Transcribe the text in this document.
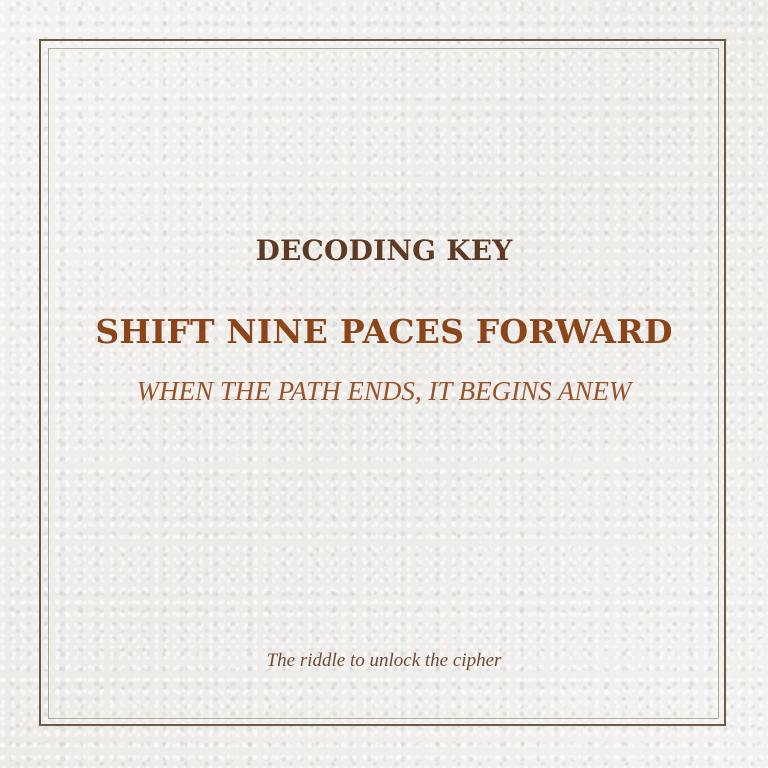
DECODING KEY
SHIFT NINE PACES FORWARD
WHEN THE PATH ENDS, IT BEGINS ANEW
The riddle to unlock the cipher
